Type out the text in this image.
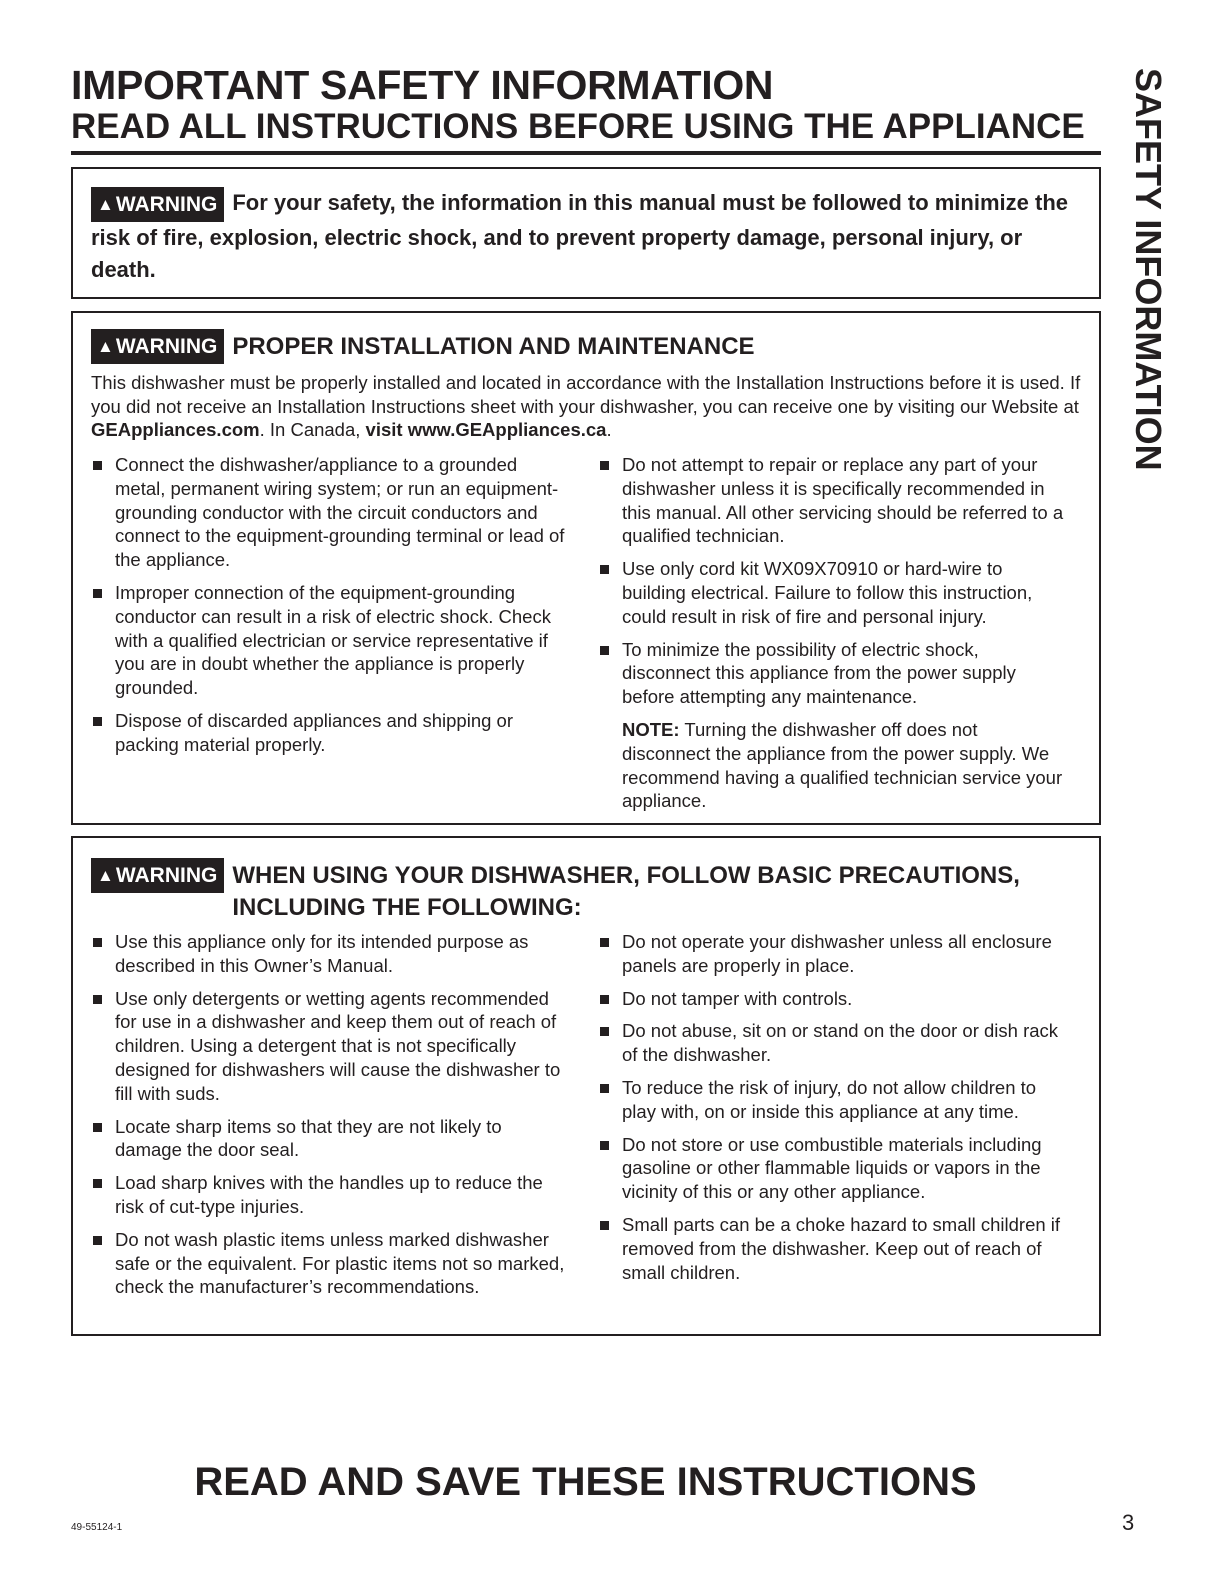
IMPORTANT SAFETY INFORMATION
READ ALL INSTRUCTIONS BEFORE USING THE APPLIANCE SAFETY INFORMATION
▲WARNING For your safety, the information in this manual must be followed to minimize the risk of fire, explosion, electric shock, and to prevent property damage, personal injury, or death.
▲WARNING PROPER INSTALLATION AND MAINTENANCE
This dishwasher must be properly installed and located in accordance with the Installation Instructions before it is used. If you did not receive an Installation Instructions sheet with your dishwasher, you can receive one by visiting our Website at GEAppliances.com. In Canada, visit www.GEAppliances.ca.
Connect the dishwasher/appliance to a grounded metal, permanent wiring system; or run an equipment-grounding conductor with the circuit conductors and connect to the equipment-grounding terminal or lead of the appliance.
Improper connection of the equipment-grounding conductor can result in a risk of electric shock. Check with a qualified electrician or service representative if you are in doubt whether the appliance is properly grounded.
Dispose of discarded appliances and shipping or packing material properly.
Do not attempt to repair or replace any part of your dishwasher unless it is specifically recommended in this manual. All other servicing should be referred to a qualified technician.
Use only cord kit WX09X70910 or hard-wire to building electrical. Failure to follow this instruction, could result in risk of fire and personal injury.
To minimize the possibility of electric shock, disconnect this appliance from the power supply before attempting any maintenance.
NOTE: Turning the dishwasher off does not disconnect the appliance from the power supply. We recommend having a qualified technician service your appliance.
▲WARNING WHEN USING YOUR DISHWASHER, FOLLOW BASIC PRECAUTIONS, INCLUDING THE FOLLOWING:
Use this appliance only for its intended purpose as described in this Owner’s Manual.
Use only detergents or wetting agents recommended for use in a dishwasher and keep them out of reach of children. Using a detergent that is not specifically designed for dishwashers will cause the dishwasher to fill with suds.
Locate sharp items so that they are not likely to damage the door seal.
Load sharp knives with the handles up to reduce the risk of cut-type injuries.
Do not wash plastic items unless marked dishwasher safe or the equivalent. For plastic items not so marked, check the manufacturer’s recommendations.
Do not operate your dishwasher unless all enclosure panels are properly in place.
Do not tamper with controls.
Do not abuse, sit on or stand on the door or dish rack of the dishwasher.
To reduce the risk of injury, do not allow children to play with, on or inside this appliance at any time.
Do not store or use combustible materials including gasoline or other flammable liquids or vapors in the vicinity of this or any other appliance.
Small parts can be a choke hazard to small children if removed from the dishwasher. Keep out of reach of small children.
READ AND SAVE THESE INSTRUCTIONS
49-55124-1	3
